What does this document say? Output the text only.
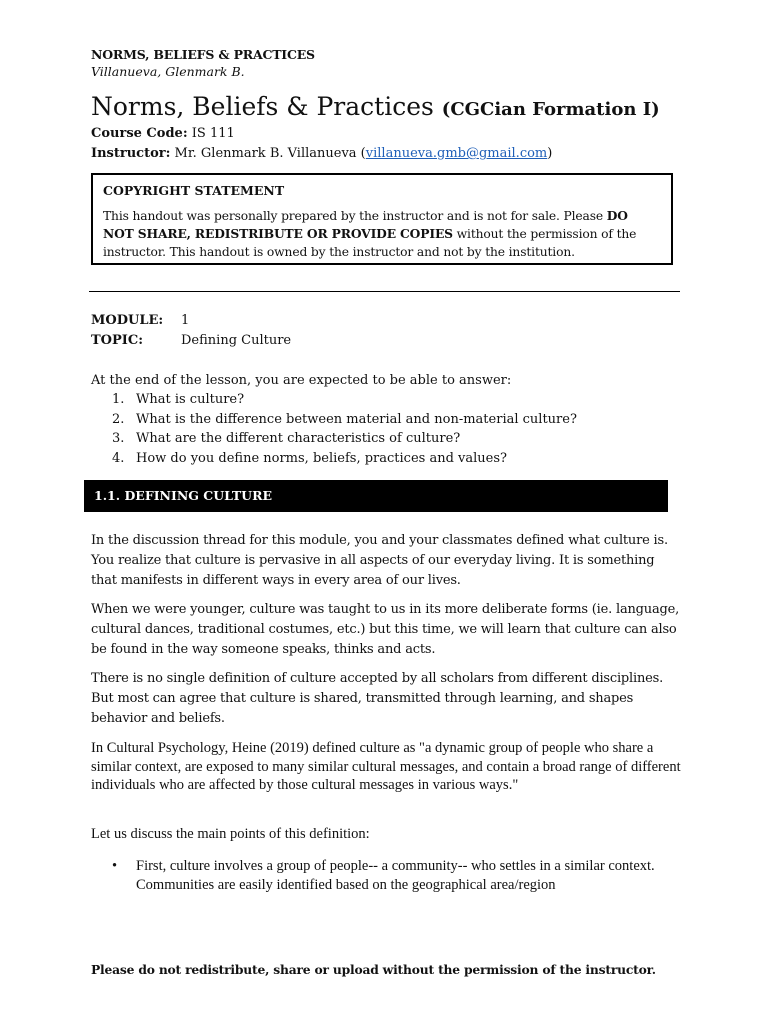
NORMS, BELIEFS & PRACTICES
Villanueva, Glenmark B.
Norms, Beliefs & Practices (CGCian Formation I)
Course Code: IS 111
Instructor: Mr. Glenmark B. Villanueva (villanueva.gmb@gmail.com)
COPYRIGHT STATEMENT
This handout was personally prepared by the instructor and is not for sale. Please DO NOT SHARE, REDISTRIBUTE OR PROVIDE COPIES without the permission of the instructor. This handout is owned by the instructor and not by the institution.
MODULE: 1
TOPIC:	Defining Culture
At the end of the lesson, you are expected to be able to answer:
1. What is culture?
2. What is the difference between material and non-material culture?
3. What are the different characteristics of culture?
4. How do you define norms, beliefs, practices and values?
1.1. DEFINING CULTURE
In the discussion thread for this module, you and your classmates defined what culture is. You realize that culture is pervasive in all aspects of our everyday living. It is something that manifests in different ways in every area of our lives.
When we were younger, culture was taught to us in its more deliberate forms (ie. language, cultural dances, traditional costumes, etc.) but this time, we will learn that culture can also be found in the way someone speaks, thinks and acts.
There is no single definition of culture accepted by all scholars from different disciplines. But most can agree that culture is shared, transmitted through learning, and shapes behavior and beliefs.
In Cultural Psychology, Heine (2019) defined culture as "a dynamic group of people who share a similar context, are exposed to many similar cultural messages, and contain a broad range of different individuals who are affected by those cultural messages in various ways."
Let us discuss the main points of this definition:
• First, culture involves a group of people-- a community-- who settles in a similar context. Communities are easily identified based on the geographical area/region
Please do not redistribute, share or upload without the permission of the instructor.
